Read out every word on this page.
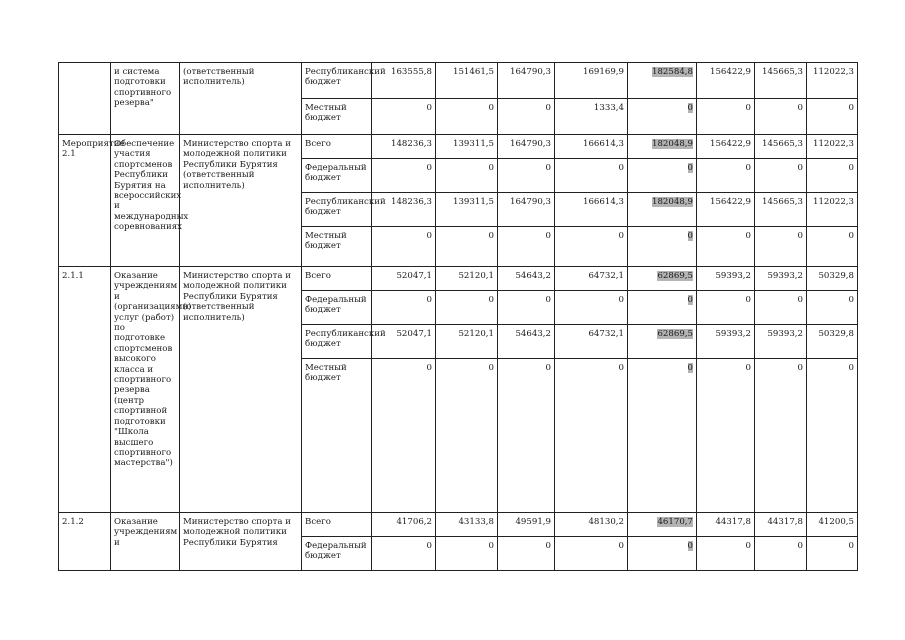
	и система подготовки спортивного резерва"	(ответственный исполнитель)	Республиканский бюджет	163555,8	151461,5	164790,3	169169,9	182584,8	156422,9	145665,3	112022,3
			Местный бюджет	0	0	0	1333,4	0	0	0	0
Мероприятие 2.1	Обеспечение участия спортсменов Республики Бурятия на всероссийских и международных соревнованиях	Министерство спорта и молодежной политики Республики Бурятия (ответственный исполнитель)	Всего	148236,3	139311,5	164790,3	166614,3	182048,9	156422,9	145665,3	112022,3
			Федеральный бюджет	0	0	0	0	0	0	0	0
			Республиканский бюджет	148236,3	139311,5	164790,3	166614,3	182048,9	156422,9	145665,3	112022,3
			Местный бюджет	0	0	0	0	0	0	0	0
2.1.1	Оказание учреждениям и (организациями) услуг (работ) по подготовке спортсменов высокого класса и спортивного резерва (центр спортивной подготовки "Школа высшего спортивного мастерства")	Министерство спорта и молодежной политики Республики Бурятия (ответственный исполнитель)	Всего	52047,1	52120,1	54643,2	64732,1	62869,5	59393,2	59393,2	50329,8
			Федеральный бюджет	0	0	0	0	0	0	0	0
			Республиканский бюджет	52047,1	52120,1	54643,2	64732,1	62869,5	59393,2	59393,2	50329,8
			Местный бюджет	0	0	0	0	0	0	0	0
2.1.2	Оказание учреждениям и	Министерство спорта и молодежной политики Республики Бурятия	Всего	41706,2	43133,8	49591,9	48130,2	46170,7	44317,8	44317,8	41200,5
			Федеральный бюджет	0	0	0	0	0	0	0	0
